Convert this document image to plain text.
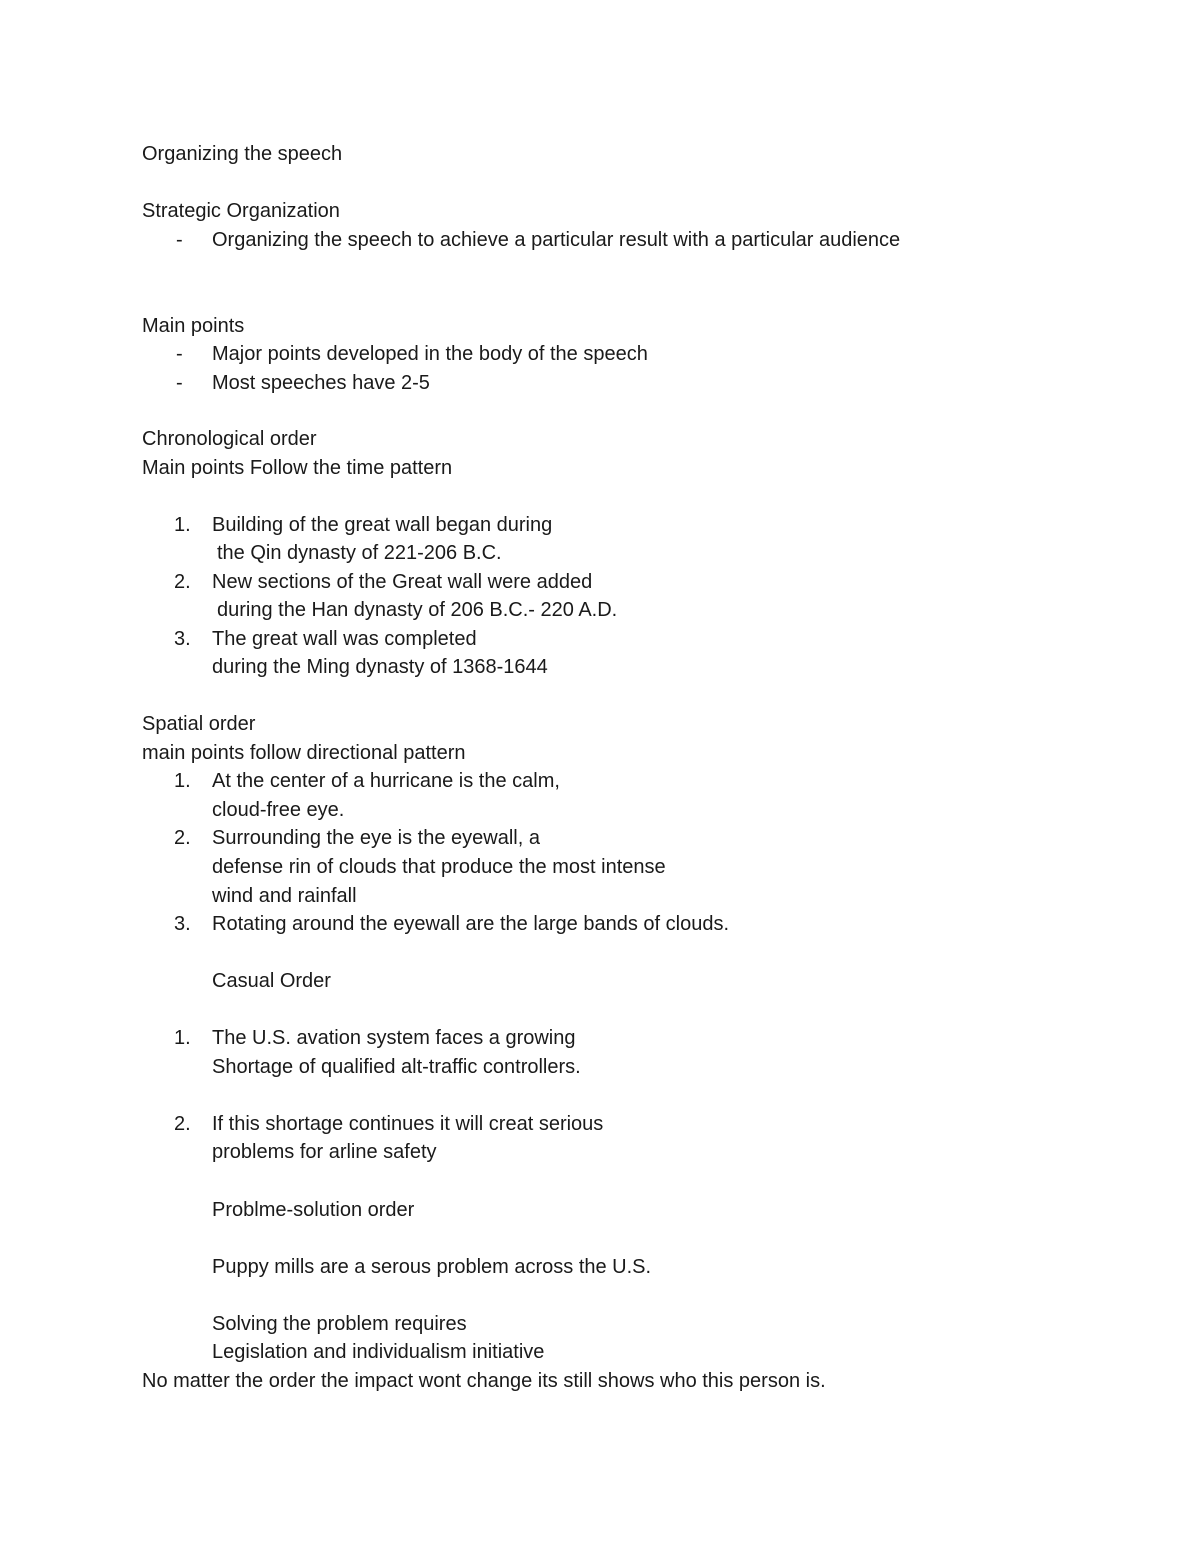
Organizing the speech
Strategic Organization
- Organizing the speech to achieve a particular result with a particular audience
Main points
- Major points developed in the body of the speech
- Most speeches have 2-5
Chronological order
Main points Follow the time pattern
1. Building of the great wall began during
the Qin dynasty of 221-206 B.C.
2. New sections of the Great wall were added
during the Han dynasty of 206 B.C.- 220 A.D.
3. The great wall was completed
during the Ming dynasty of 1368-1644
Spatial order
main points follow directional pattern
1. At the center of a hurricane is the calm,
cloud-free eye.
2. Surrounding the eye is the eyewall, a
defense rin of clouds that produce the most intense
wind and rainfall
3. Rotating around the eyewall are the large bands of clouds.
Casual Order
1. The U.S. avation system faces a growing
Shortage of qualified alt-traffic controllers.
2. If this shortage continues it will creat serious
problems for arline safety
Problme-solution order
Puppy mills are a serous problem across the U.S.
Solving the problem requires
Legislation and individualism initiative
No matter the order the impact wont change its still shows who this person is.
